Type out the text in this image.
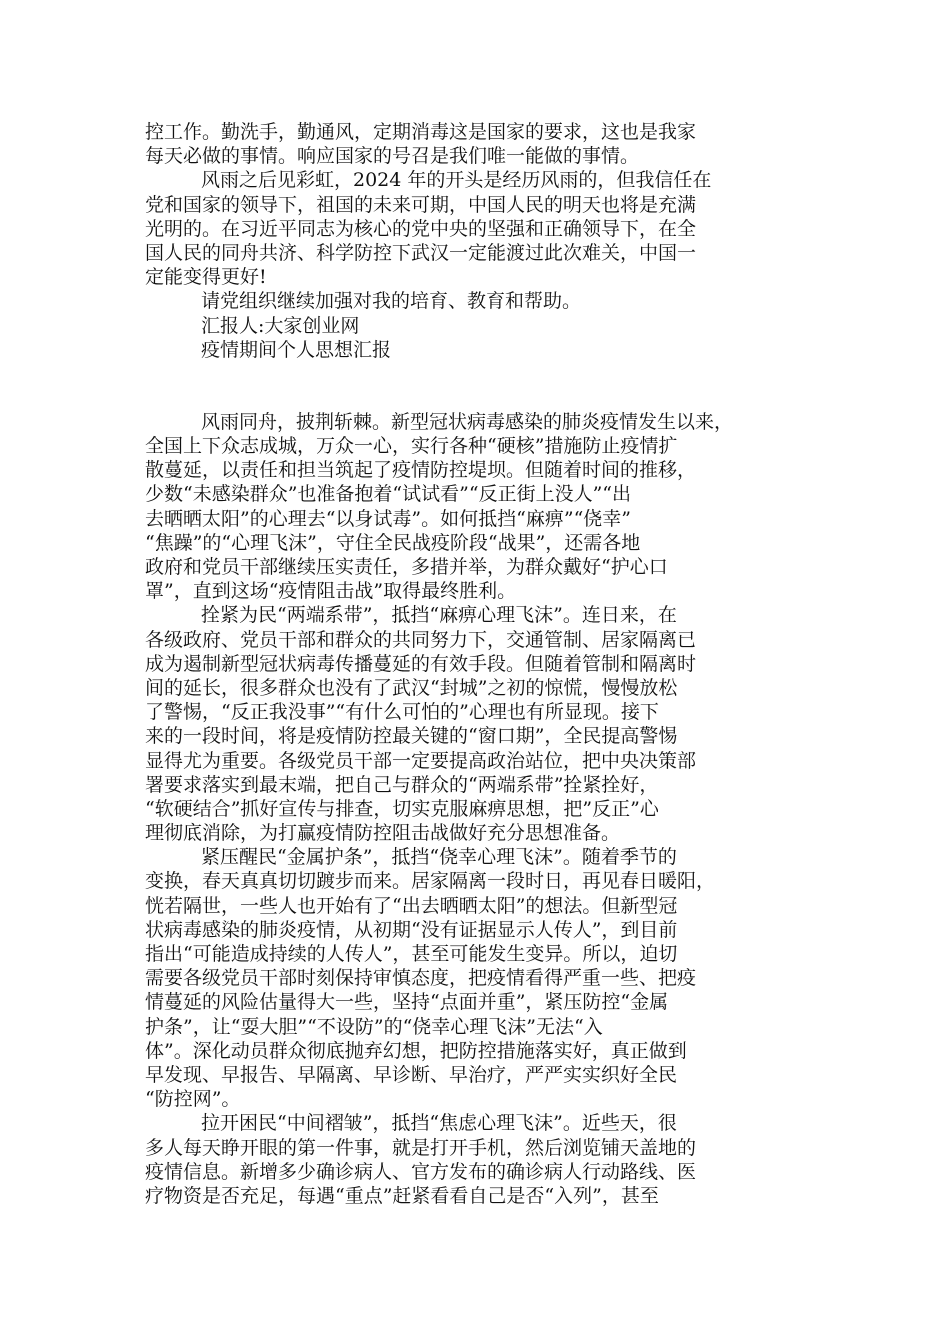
控工作。勤洗手，勤通风，定期消毒这是国家的要求，这也是我家
每天必做的事情。响应国家的号召是我们唯一能做的事情。
风雨之后见彩虹，2024 年的开头是经历风雨的，但我信任在
党和国家的领导下，祖国的未来可期，中国人民的明天也将是充满
光明的。在习近平同志为核心的党中央的坚强和正确领导下，在全
国人民的同舟共济、科学防控下武汉一定能渡过此次难关，中国一
定能变得更好!
请党组织继续加强对我的培育、教育和帮助。
汇报人:大家创业网
疫情期间个人思想汇报
风雨同舟，披荆斩棘。新型冠状病毒感染的肺炎疫情发生以来，
全国上下众志成城，万众一心，实行各种“硬核”措施防止疫情扩
散蔓延，以责任和担当筑起了疫情防控堤坝。但随着时间的推移，
少数“未感染群众”也准备抱着“试试看”“反正街上没人”“出
去晒晒太阳”的心理去“以身试毒”。如何抵挡“麻痹”“侥幸”
“焦躁”的“心理飞沫”，守住全民战疫阶段“战果”，还需各地
政府和党员干部继续压实责任，多措并举，为群众戴好“护心口
罩”，直到这场“疫情阻击战”取得最终胜利。
拴紧为民“两端系带”，抵挡“麻痹心理飞沫”。连日来，在
各级政府、党员干部和群众的共同努力下，交通管制、居家隔离已
成为遏制新型冠状病毒传播蔓延的有效手段。但随着管制和隔离时
间的延长，很多群众也没有了武汉“封城”之初的惊慌，慢慢放松
了警惕，“反正我没事”“有什么可怕的”心理也有所显现。接下
来的一段时间，将是疫情防控最关键的“窗口期”，全民提高警惕
显得尤为重要。各级党员干部一定要提高政治站位，把中央决策部
署要求落实到最末端，把自己与群众的“两端系带”拴紧拴好，
“软硬结合”抓好宣传与排查，切实克服麻痹思想，把”反正”心
理彻底消除，为打赢疫情防控阻击战做好充分思想准备。
紧压醒民“金属护条”，抵挡“侥幸心理飞沫”。随着季节的
变换，春天真真切切踱步而来。居家隔离一段时日，再见春日暖阳，
恍若隔世，一些人也开始有了“出去晒晒太阳”的想法。但新型冠
状病毒感染的肺炎疫情，从初期“没有证据显示人传人”，到目前
指出“可能造成持续的人传人”，甚至可能发生变异。所以，迫切
需要各级党员干部时刻保持审慎态度，把疫情看得严重一些、把疫
情蔓延的风险估量得大一些，坚持“点面并重”，紧压防控“金属
护条”，让“耍大胆”“不设防”的“侥幸心理飞沫”无法“入
体”。深化动员群众彻底抛弃幻想，把防控措施落实好，真正做到
早发现、早报告、早隔离、早诊断、早治疗，严严实实织好全民
“防控网”。
拉开困民“中间褶皱”，抵挡“焦虑心理飞沫”。近些天，很
多人每天睁开眼的第一件事，就是打开手机，然后浏览铺天盖地的
疫情信息。新增多少确诊病人、官方发布的确诊病人行动路线、医
疗物资是否充足，每遇“重点”赶紧看看自己是否“入列”，甚至
